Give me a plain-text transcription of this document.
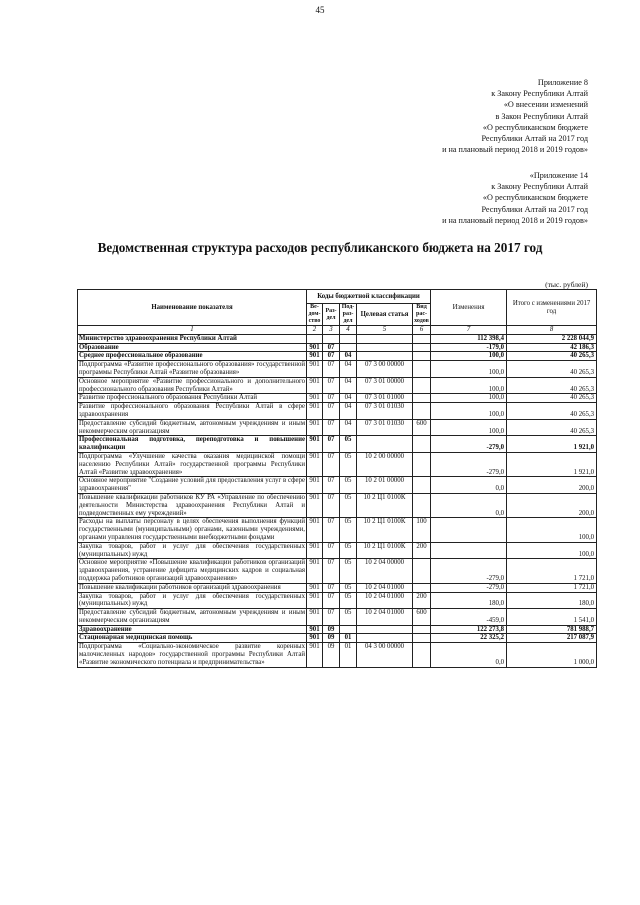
45
Приложение 8
к Закону Республики Алтай
«О внесении изменений
в Закон Республики Алтай
«О республиканском бюджете
Республики Алтай на 2017 год
и на плановый период 2018 и 2019 годов»
«Приложение 14
к Закону Республики Алтай
«О республиканском бюджете
Республики Алтай на 2017 год
и на плановый период 2018 и 2019 годов»
Ведомственная структура расходов республиканского бюджета на 2017 год
(тыс. рублей)
Наименование показателя	Коды бюджетной классификации					Изменения	Итого с изменениями 2017 год
	Ве-дом-ство	Раз-дел	Под-раз-дел	Целевая статья	Вид рас-ходов		
1	2	3	4	5	6	7	8
Министерство здравоохранения Республики Алтай						112 398,4	2 228 044,9
Образование	901	07				-179,0	42 186,3
Среднее профессиональное образование	901	07	04			100,0	40 265,3
Подпрограмма «Развитие профессионального образования» государственной программы Республики Алтай «Развитие образования»	901	07	04	07 3 00 00000		100,0	40 265,3
Основное мероприятие «Развитие профессионального и дополнительного профессионального образования Республики Алтай»	901	07	04	07 3 01 00000		100,0	40 265,3
Развитие профессионального образования Республики Алтай	901	07	04	07 3 01 01000		100,0	40 265,3
Развитие профессионального образования Республики Алтай в сфере здравоохранения	901	07	04	07 3 01 01030		100,0	40 265,3
Предоставление субсидий бюджетным, автономным учреждениям и иным некоммерческим организациям	901	07	04	07 3 01 01030	600	100,0	40 265,3
Профессиональная подготовка, переподготовка и повышение квалификации	901	07	05			-279,0	1 921,0
Подпрограмма «Улучшение качества оказания медицинской помощи населению Республики Алтай» государственной программы Республики Алтай «Развитие здравоохранения»	901	07	05	10 2 00 00000		-279,0	1 921,0
Основное мероприятие "Создание условий для предоставления услуг в сфере здравоохранения"	901	07	05	10 2 01 00000		0,0	200,0
Повышение квалификации работников КУ РА «Управление по обеспечению деятельности Министерства здравоохранения Республики Алтай и подведомственных ему учреждений»	901	07	05	10 2 Ц1 0100К		0,0	200,0
Расходы на выплаты персоналу в целях обеспечения выполнения функций государственными (муниципальными) органами, казенными учреждениями, органами управления государственными внебюджетными фондами	901	07	05	10 2 Ц1 0100К	100		100,0
Закупка товаров, работ и услуг для обеспечения государственных (муниципальных) нужд	901	07	05	10 2 Ц1 0100К	200		100,0
Основное мероприятие «Повышение квалификации работников организаций здравоохранения, устранение дефицита медицинских кадров и социальная поддержка работников организаций здравоохранения»	901	07	05	10 2 04 00000		-279,0	1 721,0
Повышение квалификации работников организаций здравоохранения	901	07	05	10 2 04 01000		-279,0	1 721,0
Закупка товаров, работ и услуг для обеспечения государственных (муниципальных) нужд	901	07	05	10 2 04 01000	200	180,0	180,0
Предоставление субсидий бюджетным, автономным учреждениям и иным некоммерческим организациям	901	07	05	10 2 04 01000	600	-459,0	1 541,0
Здравоохранение	901	09				122 273,8	781 988,7
Стационарная медицинская помощь	901	09	01			22 325,2	217 087,9
Подпрограмма «Социально-экономическое развитие коренных малочисленных народов» государственной программы Республики Алтай «Развитие экономического потенциала и предпринимательства»	901	09	01	04 3 00 00000		0,0	1 000,0
